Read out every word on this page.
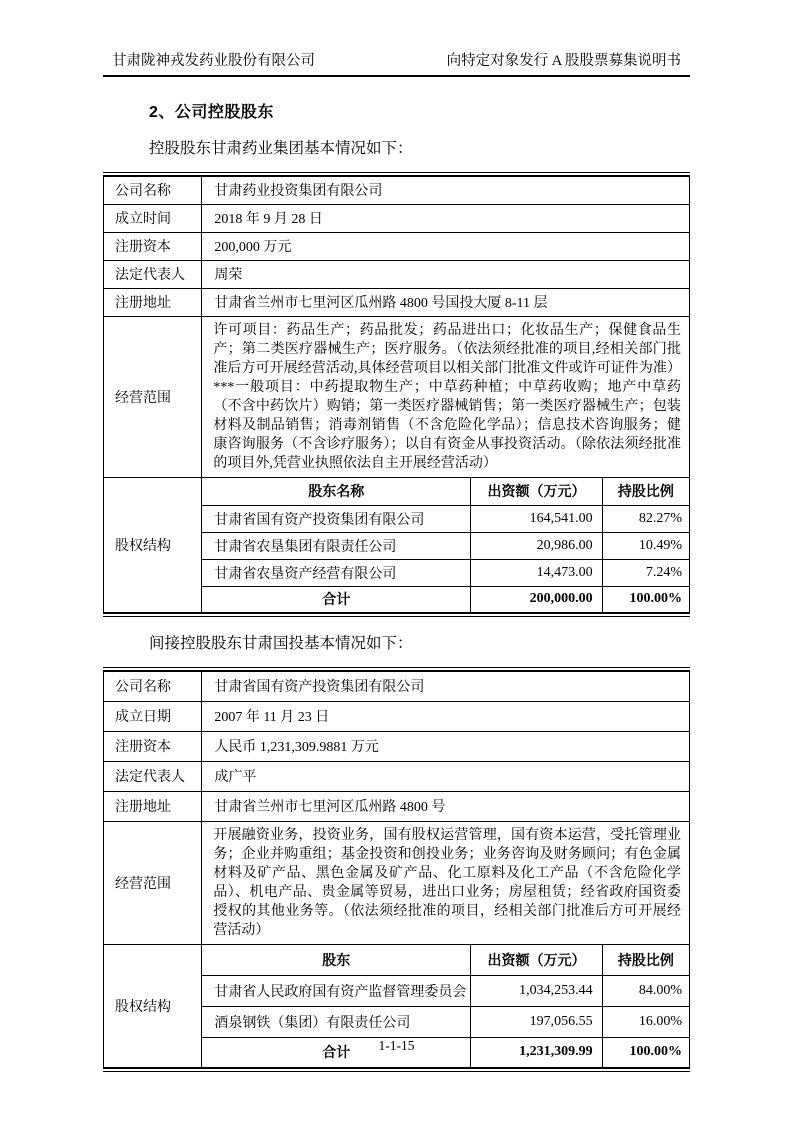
甘肃陇神戎发药业股份有限公司	向特定对象发行 A 股股票募集说明书
2、公司控股股东

控股股东甘肃药业集团基本情况如下：

公司名称	甘肃药业投资集团有限公司		
成立时间	2018 年 9 月 28 日		
注册资本	200,000 万元		
法定代表人	周荣		
注册地址	甘肃省兰州市七里河区瓜州路 4800 号国投大厦 8-11 层		
经营范围	许可项目：药品生产；药品批发；药品进出口；化妆品生产；保健食品生产；第二类医疗器械生产；医疗服务。（依法须经批准的项目,经相关部门批准后方可开展经营活动,具体经营项目以相关部门批准文件或许可证件为准）***一般项目：中药提取物生产；中草药种植；中草药收购；地产中草药（不含中药饮片）购销；第一类医疗器械销售；第一类医疗器械生产；包装材料及制品销售；消毒剂销售（不含危险化学品）；信息技术咨询服务；健康咨询服务（不含诊疗服务）；以自有资金从事投资活动。（除依法须经批准的项目外,凭营业执照依法自主开展经营活动）		
股权结构	股东名称	出资额（万元）	持股比例
	甘肃省国有资产投资集团有限公司	164,541.00	82.27%
	甘肃省农垦集团有限责任公司	20,986.00	10.49%
	甘肃省农垦资产经营有限公司	14,473.00	7.24%
	合计	200,000.00	100.00%

间接控股股东甘肃国投基本情况如下：

公司名称	甘肃省国有资产投资集团有限公司		
成立日期	2007 年 11 月 23 日		
注册资本	人民币 1,231,309.9881 万元		
法定代表人	成广平		
注册地址	甘肃省兰州市七里河区瓜州路 4800 号		
经营范围	开展融资业务，投资业务，国有股权运营管理，国有资本运营，受托管理业务；企业并购重组；基金投资和创投业务；业务咨询及财务顾问；有色金属材料及矿产品、黑色金属及矿产品、化工原料及化工产品（不含危险化学品）、机电产品、贵金属等贸易，进出口业务；房屋租赁；经省政府国资委授权的其他业务等。（依法须经批准的项目，经相关部门批准后方可开展经营活动）		
股权结构	股东	出资额（万元）	持股比例
	甘肃省人民政府国有资产监督管理委员会	1,034,253.44	84.00%
	酒泉钢铁（集团）有限责任公司	197,056.55	16.00%
	合计	1,231,309.99	100.00%
1-1-15
